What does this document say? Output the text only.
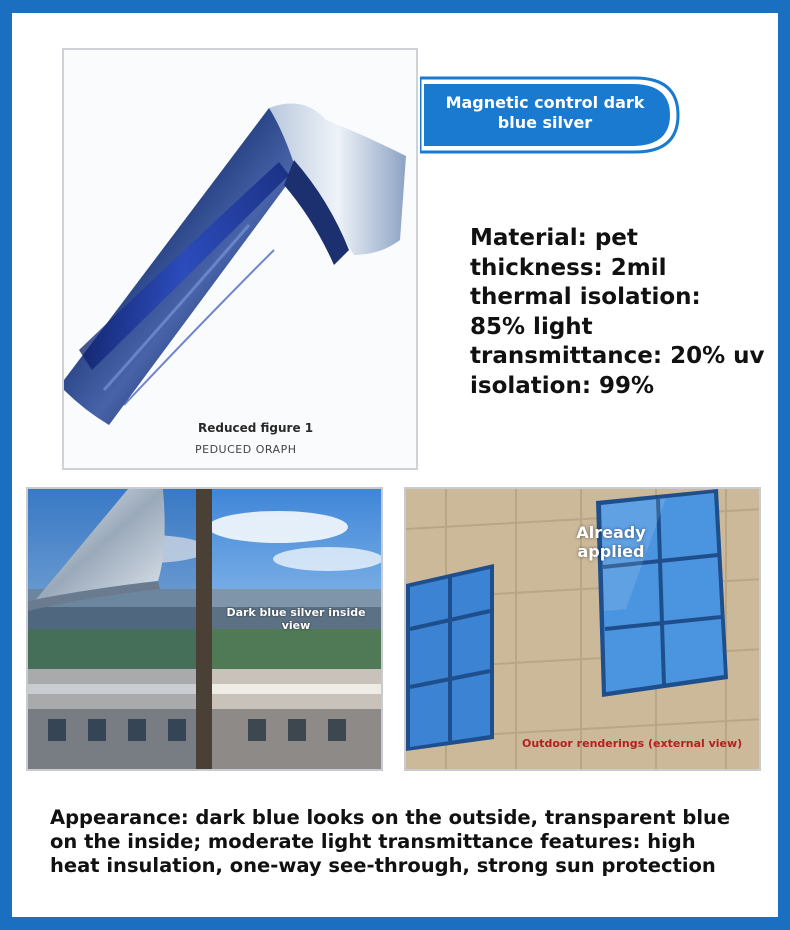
Reduced figure 1
PEDUCED ORAPH
Magnetic control dark blue silver
Material: pet
thickness: 2mil
thermal isolation:
85% light
transmittance: 20% uv
isolation: 99%
Dark blue silver inside view
Already applied
Outdoor renderings (external view)
Appearance: dark blue looks on the outside, transparent blue on the inside; moderate light transmittance features: high heat insulation, one-way see-through, strong sun protection
